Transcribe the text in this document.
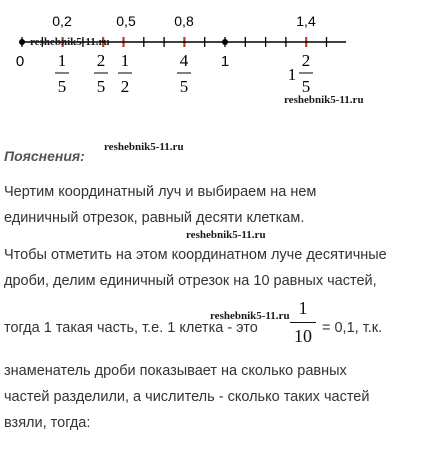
0,2	0,5	0,8	1,4
0	1
1
5
2
5
1
2
4
5
1
2
5
reshebnik5-11.ru
reshebnik5-11.ru
reshebnik5-11.ru
reshebnik5-11.ru
reshebnik5-11.ru
Пояснения:
Чертим координатный луч и выбираем на нем
единичный отрезок, равный десяти клеткам.
Чтобы отметить на этом координатном луче десятичные
дроби, делим единичный отрезок на 10 равных частей,
тогда 1 такая часть, т.е. 1 клетка - это
1
10 = 0,1, т.к.
знаменатель дроби показывает на сколько равных
частей разделили, а числитель - сколько таких частей
взяли, тогда:
